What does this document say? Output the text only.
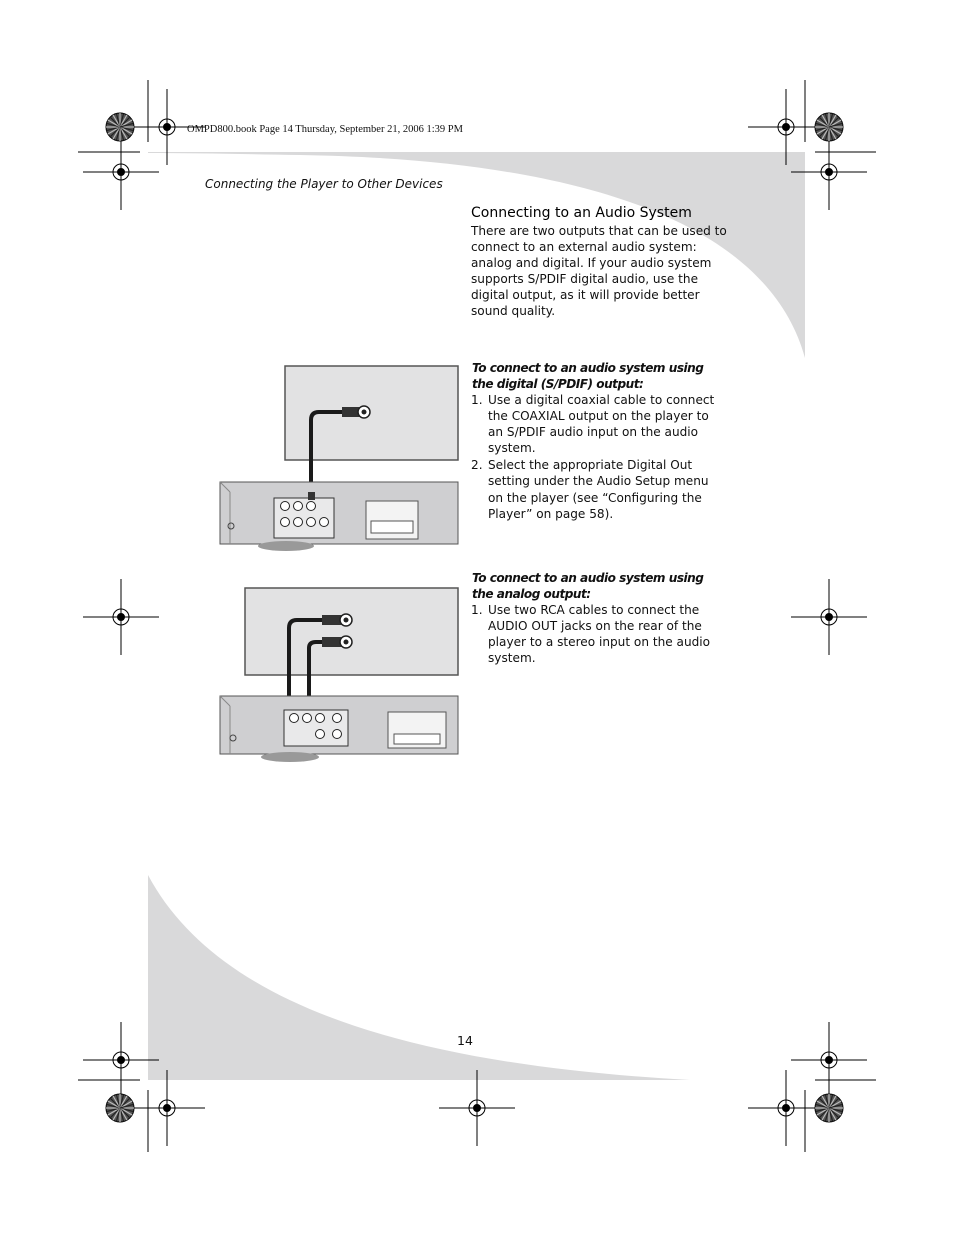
OMPD800.book Page 14 Thursday, September 21, 2006 1:39 PM
Connecting the Player to Other Devices
Connecting to an Audio System

There are two outputs that can be used to connect to an external audio system: analog and digital. If your audio system supports S/PDIF digital audio, use the digital output, as it will provide better sound quality.

To connect to an audio system using
the digital (S/PDIF) output:
1. Use a digital coaxial cable to connect the COAXIAL output on the player to an S/PDIF audio input on the audio system.
2. Select the appropriate Digital Out setting under the Audio Setup menu on the player (see “Configuring the Player” on page 58).
To connect to an audio system using
the analog output:
1. Use two RCA cables to connect the AUDIO OUT jacks on the rear of the player to a stereo input on the audio system.
14
